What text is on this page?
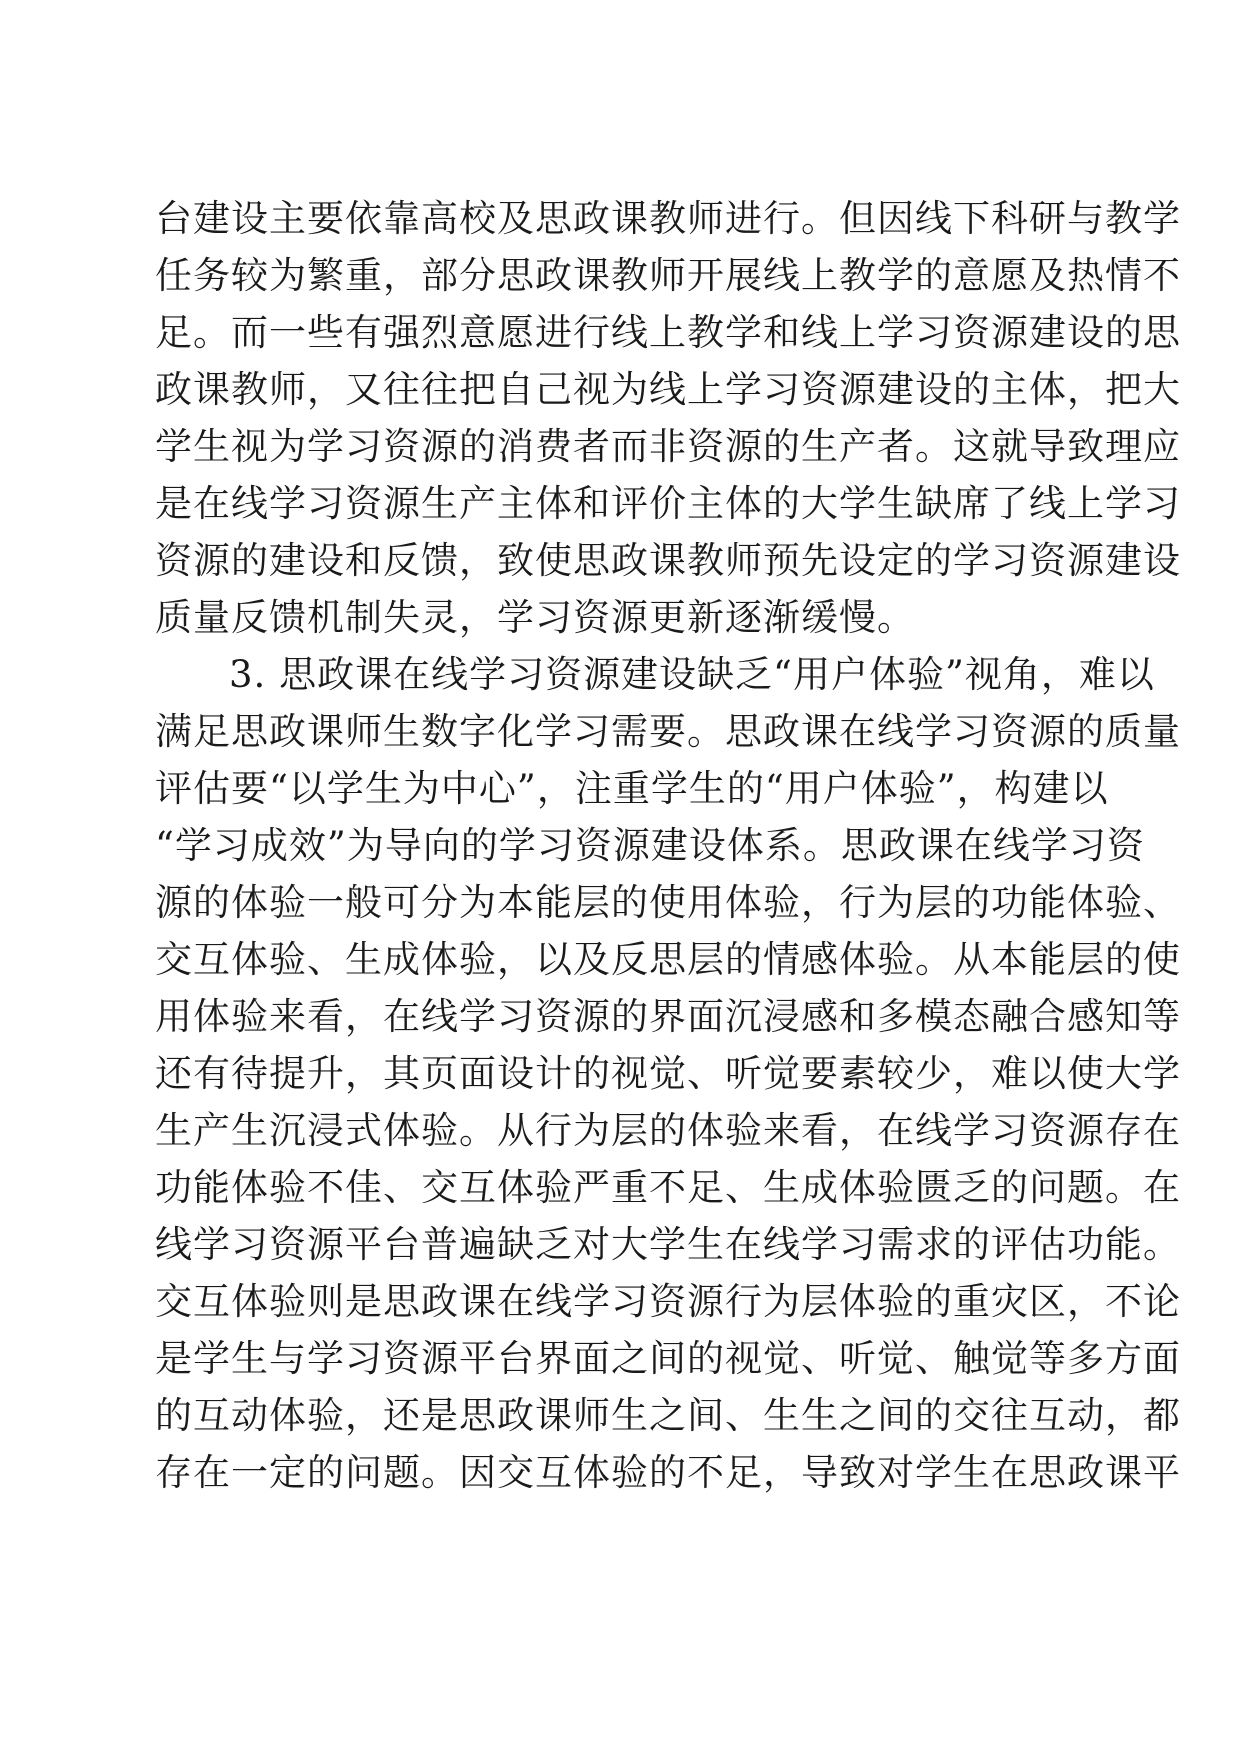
台建设主要依靠高校及思政课教师进行。但因线下科研与教学
任务较为繁重，部分思政课教师开展线上教学的意愿及热情不
足。而一些有强烈意愿进行线上教学和线上学习资源建设的思
政课教师，又往往把自己视为线上学习资源建设的主体，把大
学生视为学习资源的消费者而非资源的生产者。这就导致理应
是在线学习资源生产主体和评价主体的大学生缺席了线上学习
资源的建设和反馈，致使思政课教师预先设定的学习资源建设
质量反馈机制失灵，学习资源更新逐渐缓慢。
3. 思政课在线学习资源建设缺乏“用户体验”视角，难以
满足思政课师生数字化学习需要。思政课在线学习资源的质量
评估要“以学生为中心”，注重学生的“用户体验”，构建以
“学习成效”为导向的学习资源建设体系。思政课在线学习资
源的体验一般可分为本能层的使用体验，行为层的功能体验、
交互体验、生成体验，以及反思层的情感体验。从本能层的使
用体验来看，在线学习资源的界面沉浸感和多模态融合感知等
还有待提升，其页面设计的视觉、听觉要素较少，难以使大学
生产生沉浸式体验。从行为层的体验来看，在线学习资源存在
功能体验不佳、交互体验严重不足、生成体验匮乏的问题。在
线学习资源平台普遍缺乏对大学生在线学习需求的评估功能。
交互体验则是思政课在线学习资源行为层体验的重灾区，不论
是学生与学习资源平台界面之间的视觉、听觉、触觉等多方面
的互动体验，还是思政课师生之间、生生之间的交往互动，都
存在一定的问题。因交互体验的不足，导致对学生在思政课平
